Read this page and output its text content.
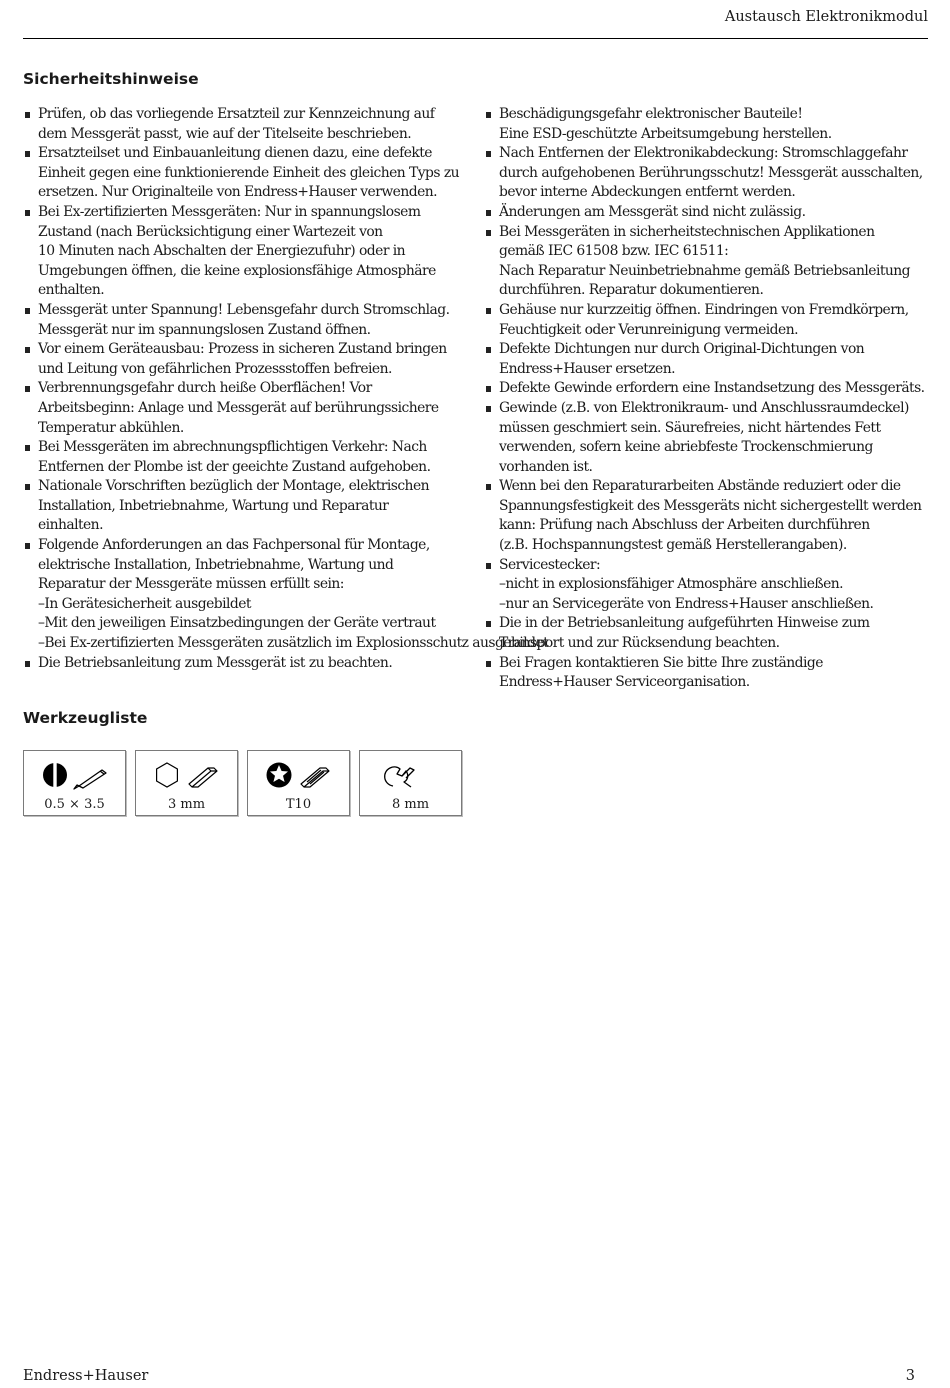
Austausch Elektronikmodul
Sicherheitshinweise
Prüfen, ob das vorliegende Ersatzteil zur Kennzeichnung auf
dem Messgerät passt, wie auf der Titelseite beschrieben.
Ersatzteilset und Einbauanleitung dienen dazu, eine defekte
Einheit gegen eine funktionierende Einheit des gleichen Typs zu
ersetzen. Nur Originalteile von Endress+Hauser verwenden.
Bei Ex-zertifizierten Messgeräten: Nur in spannungslosem
Zustand (nach Berücksichtigung einer Wartezeit von
10 Minuten nach Abschalten der Energiezufuhr) oder in
Umgebungen öffnen, die keine explosionsfähige Atmosphäre
enthalten.
Messgerät unter Spannung! Lebensgefahr durch Stromschlag.
Messgerät nur im spannungslosen Zustand öffnen.
Vor einem Geräteausbau: Prozess in sicheren Zustand bringen
und Leitung von gefährlichen Prozessstoffen befreien.
Verbrennungsgefahr durch heiße Oberflächen! Vor
Arbeitsbeginn: Anlage und Messgerät auf berührungssichere
Temperatur abkühlen.
Bei Messgeräten im abrechnungspflichtigen Verkehr: Nach
Entfernen der Plombe ist der geeichte Zustand aufgehoben.
Nationale Vorschriften bezüglich der Montage, elektrischen
Installation, Inbetriebnahme, Wartung und Reparatur
einhalten.
Folgende Anforderungen an das Fachpersonal für Montage,
elektrische Installation, Inbetriebnahme, Wartung und
Reparatur der Messgeräte müssen erfüllt sein:
–In Gerätesicherheit ausgebildet
–Mit den jeweiligen Einsatzbedingungen der Geräte vertraut
–Bei Ex-zertifizierten Messgeräten zusätzlich im Explosionsschutz ausgebildet
Die Betriebsanleitung zum Messgerät ist zu beachten.
Beschädigungsgefahr elektronischer Bauteile!
Eine ESD-geschützte Arbeitsumgebung herstellen.
Nach Entfernen der Elektronikabdeckung: Stromschlaggefahr
durch aufgehobenen Berührungsschutz! Messgerät ausschalten,
bevor interne Abdeckungen entfernt werden.
Änderungen am Messgerät sind nicht zulässig.
Bei Messgeräten in sicherheitstechnischen Applikationen
gemäß IEC 61508 bzw. IEC 61511:
Nach Reparatur Neuinbetriebnahme gemäß Betriebsanleitung
durchführen. Reparatur dokumentieren.
Gehäuse nur kurzzeitig öffnen. Eindringen von Fremdkörpern,
Feuchtigkeit oder Verunreinigung vermeiden.
Defekte Dichtungen nur durch Original-Dichtungen von
Endress+Hauser ersetzen.
Defekte Gewinde erfordern eine Instandsetzung des Messgeräts.
Gewinde (z.B. von Elektronikraum- und Anschlussraumdeckel)
müssen geschmiert sein. Säurefreies, nicht härtendes Fett
verwenden, sofern keine abriebfeste Trockenschmierung
vorhanden ist.
Wenn bei den Reparaturarbeiten Abstände reduziert oder die
Spannungsfestigkeit des Messgeräts nicht sichergestellt werden
kann: Prüfung nach Abschluss der Arbeiten durchführen
(z.B. Hochspannungstest gemäß Herstellerangaben).
Servicestecker:
–nicht in explosionsfähiger Atmosphäre anschließen.
–nur an Servicegeräte von Endress+Hauser anschließen.
Die in der Betriebsanleitung aufgeführten Hinweise zum
Transport und zur Rücksendung beachten.
Bei Fragen kontaktieren Sie bitte Ihre zuständige
Endress+Hauser Serviceorganisation.
Werkzeugliste
0.5 × 3.5	3 mm	T10	8 mm
Endress+Hauser	3
